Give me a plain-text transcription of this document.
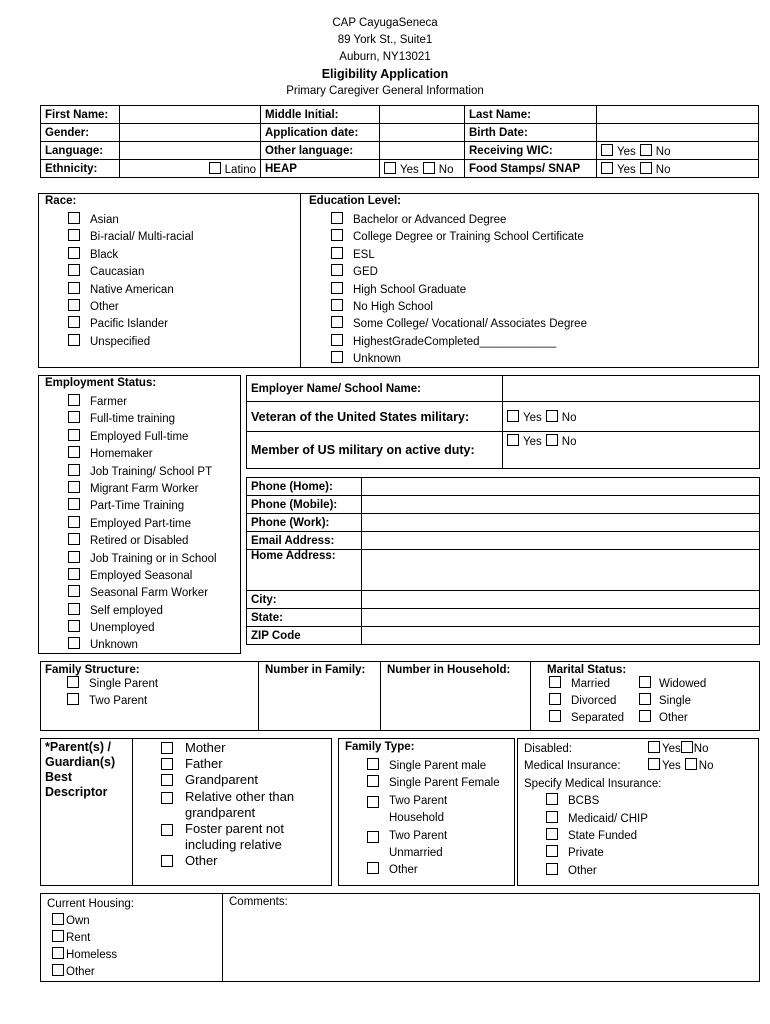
CAP CayugaSeneca
89 York St., Suite1
Auburn, NY13021
Eligibility Application
Primary Caregiver General Information
First Name:		Middle Initial:		Last Name:	
Gender:		Application date:		Birth Date:	
Language:		Other language:		Receiving WIC:	Yes No
Ethnicity:	Latino	HEAP	Yes No	Food Stamps/ SNAP	Yes No
Race:
Asian
Bi-racial/ Multi-racial
Black
Caucasian
Native American
Other
Pacific Islander
Unspecified
Education Level:
Bachelor or Advanced Degree
College Degree or Training School Certificate
ESL
GED
High School Graduate
No High School
Some College/ Vocational/ Associates Degree
HighestGradeCompleted____________
Unknown
Employment Status:
Farmer
Full-time training
Employed Full-time
Homemaker
Job Training/ School PT
Migrant Farm Worker
Part-Time Training
Employed Part-time
Retired or Disabled
Job Training or in School
Employed Seasonal
Seasonal Farm Worker
Self employed
Unemployed
Unknown
Employer Name/ School Name:	
Veteran of the United States military:	Yes No
Member of US military on active duty:	Yes No
Phone (Home):	
Phone (Mobile):	
Phone (Work):	
Email Address:	
Home Address:	
City:	
State:	
ZIP Code	
Family Structure:
Single Parent
Two Parent
	Number in Family:	Number in Household:	Marital Status:
Married	Widowed
Divorced	Single
Separated	Other
*Parent(s) / Guardian(s) Best Descriptor
Mother
Father
Grandparent
Relative other than grandparent
Foster parent not including relative
Other
Family Type:
Single Parent male
Single Parent Female
Two Parent Household
Two Parent Unmarried
Other
Disabled:	Yes No
Medical Insurance:	Yes No
Specify Medical Insurance:
BCBS
Medicaid/ CHIP
State Funded
Private
Other
Current Housing:
Own
Rent
Homeless
Other
Comments:
